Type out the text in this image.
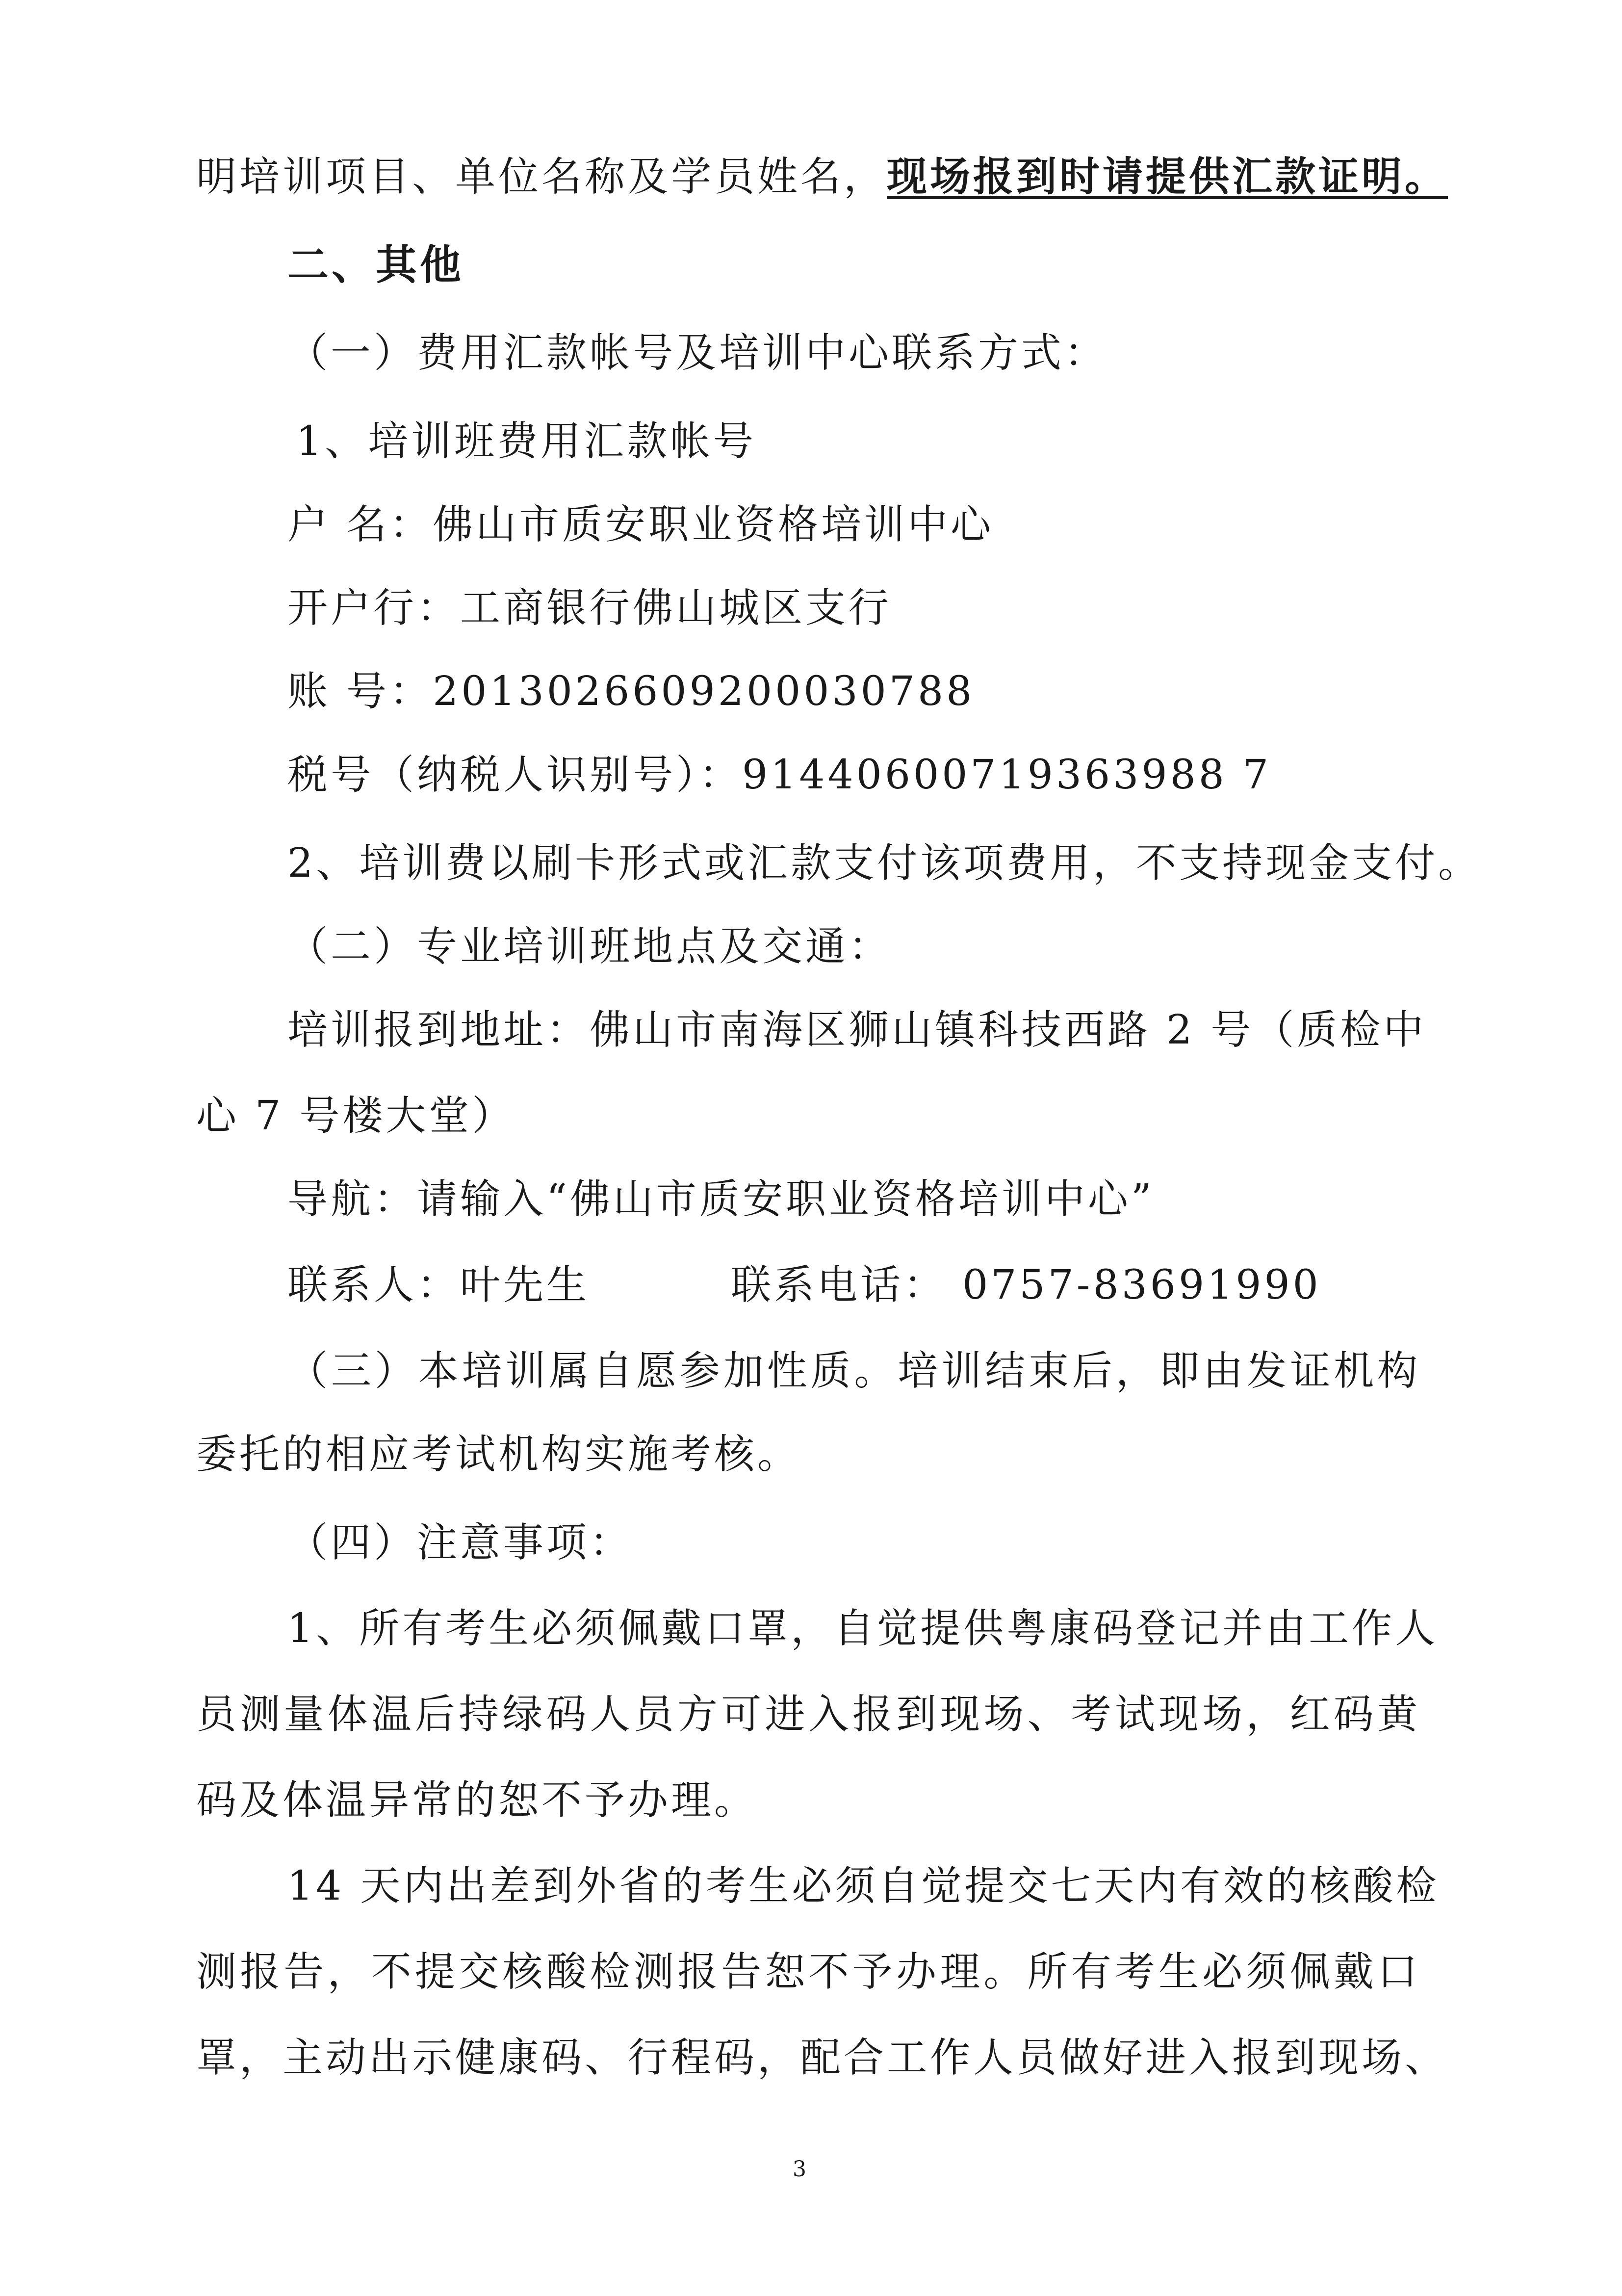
明培训项目、单位名称及学员姓名，现场报到时请提供汇款证明。
二、其他
（一）费用汇款帐号及培训中心联系方式：
1、培训班费用汇款帐号
户 名：佛山市质安职业资格培训中心
开户行：工商银行佛山城区支行
账 号：2013026609200030788
税号（纳税人识别号）：91440600719363988 7
2、培训费以刷卡形式或汇款支付该项费用，不支持现金支付。
（二）专业培训班地点及交通：
培训报到地址：佛山市南海区狮山镇科技西路 2 号（质检中
心 7 号楼大堂）
导航：请输入“佛山市质安职业资格培训中心”
联系人：叶先生	联系电话： 0757-83691990
（三）本培训属自愿参加性质。培训结束后，即由发证机构
委托的相应考试机构实施考核。
（四）注意事项：
1、所有考生必须佩戴口罩，自觉提供粤康码登记并由工作人
员测量体温后持绿码人员方可进入报到现场、考试现场，红码黄
码及体温异常的恕不予办理。
14 天内出差到外省的考生必须自觉提交七天内有效的核酸检
测报告，不提交核酸检测报告恕不予办理。所有考生必须佩戴口
罩，主动出示健康码、行程码，配合工作人员做好进入报到现场、
3
